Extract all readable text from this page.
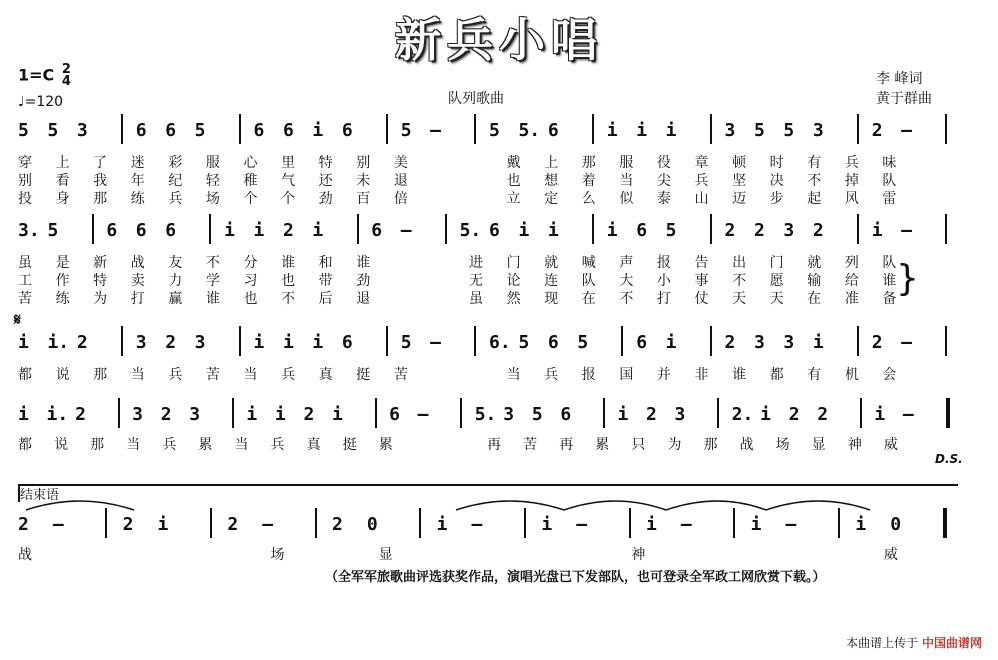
新兵小唱
1=C 2
4
♩=120	队列歌曲
李 峰词
黄于群曲
𝄋
D.S.
结束语
}
5 5 3	6 6 5	6 6 i 6	5 –	5 5. 6	i i i	3 5 5 3	2 –
穿 上 了 迷 彩 服 心 里 特 别 美	戴 上 那 服 役 章 顿 时 有 兵 味
别 看 我 年 纪 轻 稚 气 还 未 退	也 想 着 当 尖 兵 坚 决 不 掉 队
投 身 那 练 兵 场 个 个 劲 百 倍	立 定 么 似 泰 山 迈 步 起 风 雷
3. 5	6 6 6	i i 2 i	6 –	5. 6 i i	i 6 5	2 2 3 2	i –
虽 是 新 战 友 不 分 谁 和 谁	进 门 就 喊 声 报 告 出 门 就 列 队
工 作 特 卖 力 学 习 也 带 劲	无 论 连 队 大 小 事 不 愿 输 给 谁
苦 练 为 打 赢 谁 也 不 后 退	虽 然 现 在 不 打 仗 天 天 在 准 备
i i. 2	3 2 3	i i i 6	5 –	6. 5 6 5	6 i	2 3 3 i	2 –
都 说 那 当 兵 苦 当 兵 真 挺 苦	当 兵 报 国 并 非 谁 都 有 机 会
i i. 2	3 2 3	i i 2 i	6 –	5. 3 5 6	i 2 3	2. i 2 2	i –
都 说 那 当 兵 累 当 兵 真 挺 累	再 苦 再 累 只 为 那 战 场 显 神 威
2 –	2 i	2 –	2 0	i –	i –	i –	i –	i 0
战	场	显	神	威
（全军军旅歌曲评选获奖作品，演唱光盘已下发部队，也可登录全军政工网欣赏下载。）
本曲谱上传于 中国曲谱网
